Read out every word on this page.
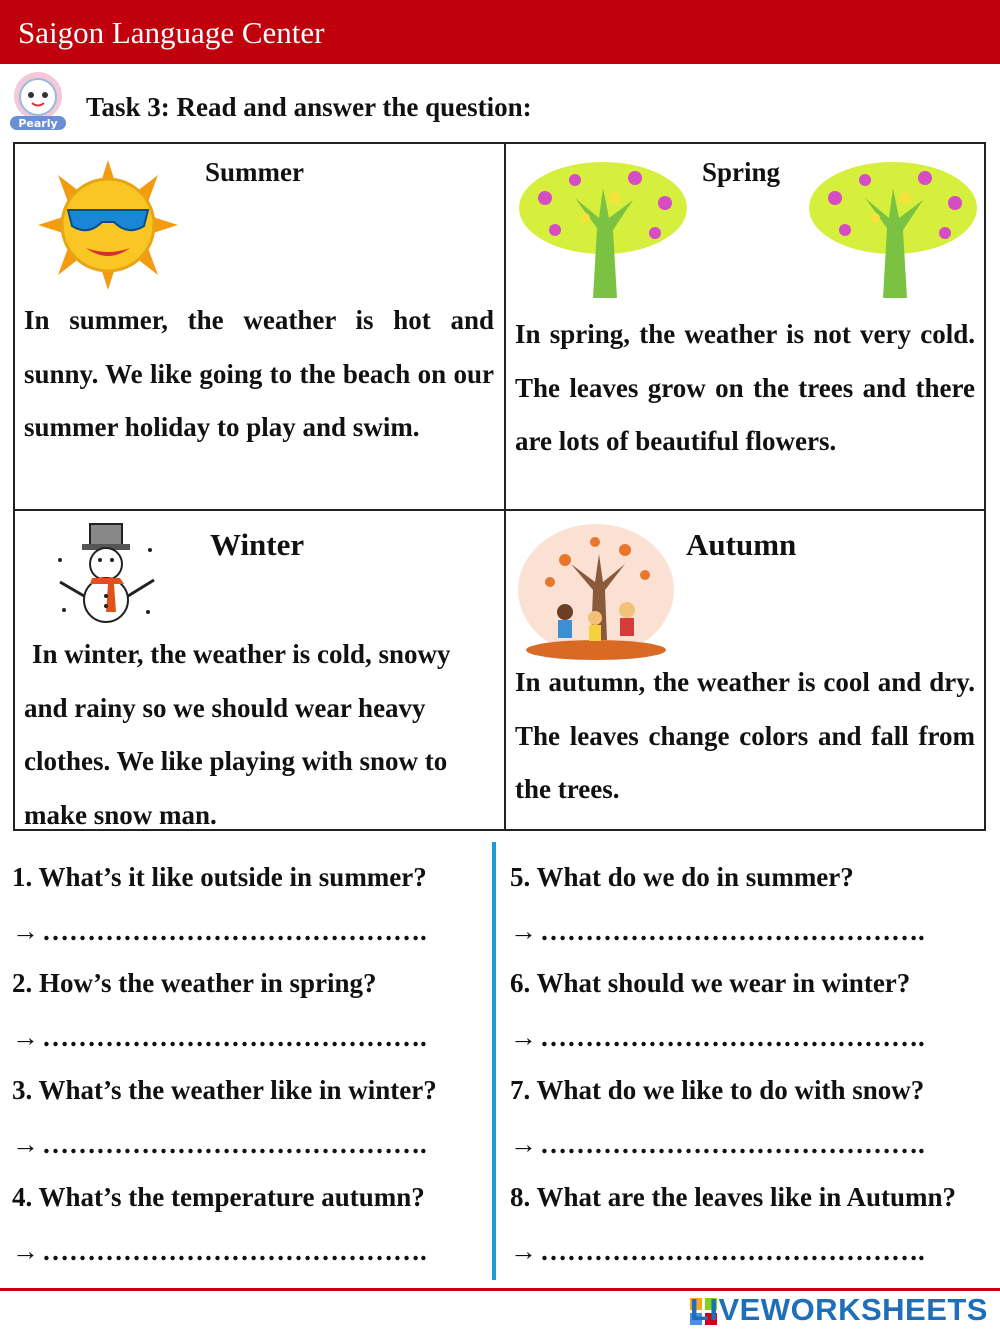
Saigon Language Center
Pearly
Task 3: Read and answer the question:
Summer

In summer, the weather is hot and sunny. We like going to the beach on our summer holiday to play and swim.

Spring

In spring, the weather is not very cold. The leaves grow on the trees and there are lots of beautiful flowers.

Winter

In winter, the weather is cold, snowy and rainy so we should wear heavy clothes. We like playing with snow to make snow man.

Autumn

In autumn, the weather is cool and dry. The leaves change colors and fall from the trees.

1. What’s it like outside in summer?
→ …………………………………….
2. How’s the weather in spring?
→ …………………………………….
3. What’s the weather like in winter?
→ …………………………………….
4. What’s the temperature autumn?
→ …………………………………….
5. What do we do in summer?
→ …………………………………….
6. What should we wear in winter?
→ …………………………………….
7. What do we like to do with snow?
→ …………………………………….
8. What are the leaves like in Autumn?
→ …………………………………….
LIVEWORKSHEETS
